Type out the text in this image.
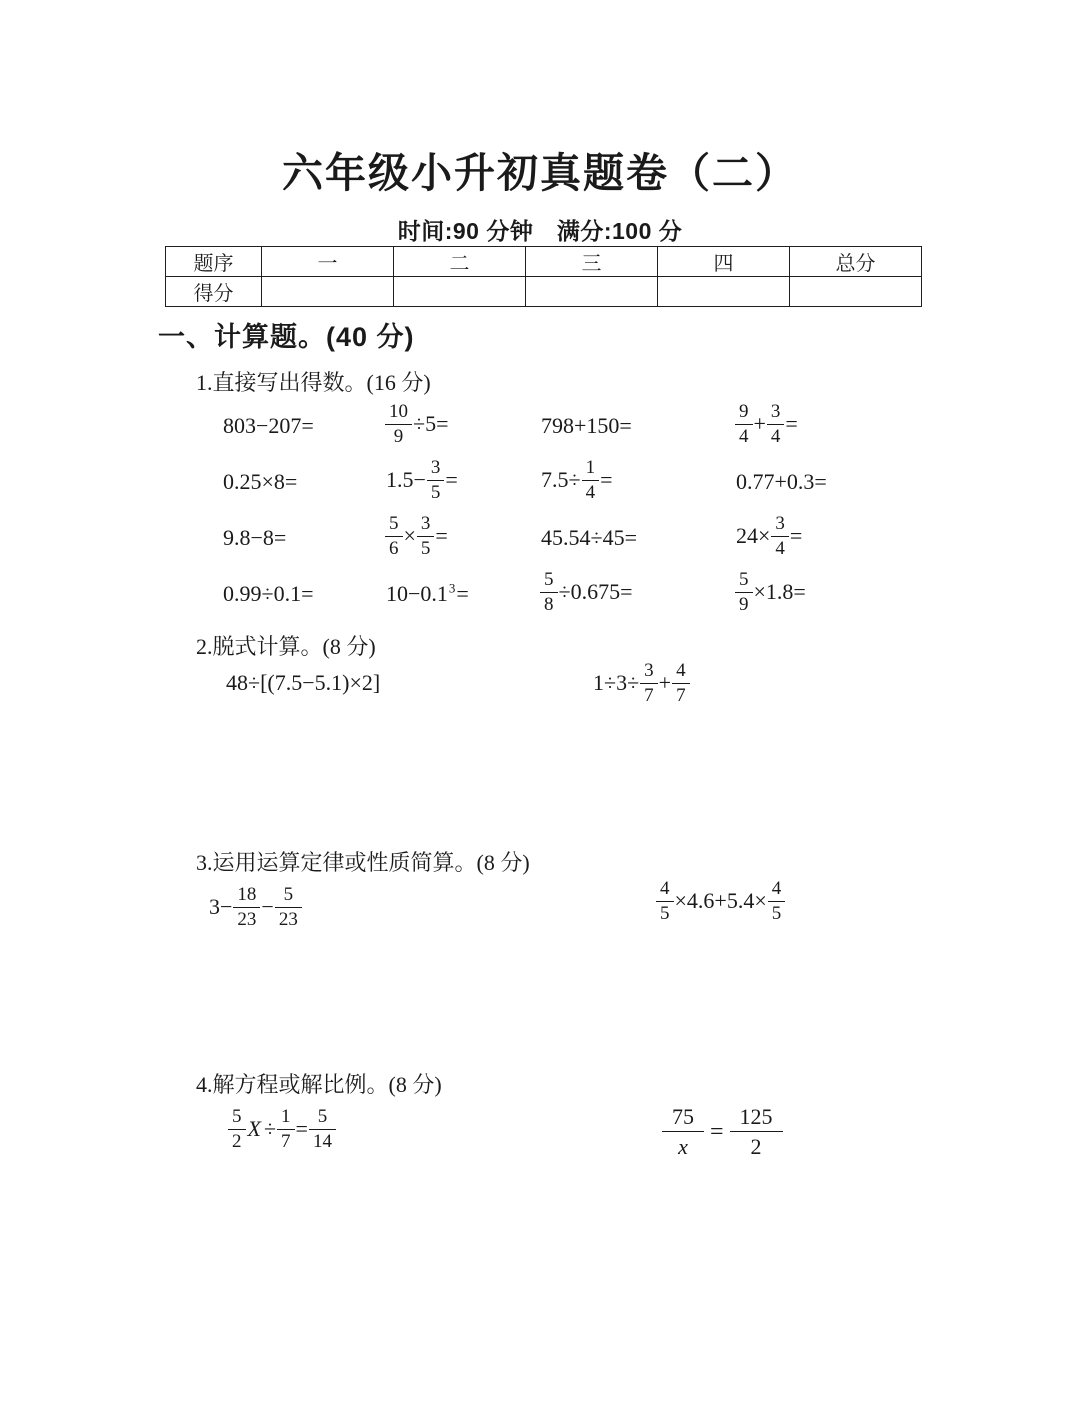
六年级小升初真题卷（二）
时间:90 分钟　满分:100 分
题序	一	二	三	四	总分
得分					
一、计算题。(40 分)
1.直接写出得数。(16 分)
803−207=	$\frac{10}{9} \div 5=$	798+150=	$\frac{9}{4} + \frac{3}{4}$ =
0.25×8=	$1.5- \frac{3}{5}$ =	$7.5\div \frac{1}{4}$ =	0.77+0.3=
9.8−8=	$\frac{5}{6} \times \frac{3}{5}$ =	45.54÷45=	$24\times \frac{3}{4}$ =
0.99÷0.1=	$10-0.1^3=$	$\frac{5}{8} \div 0.675=$	$\frac{5}{9} \times 1.8=$
2.脱式计算。(8 分)
48÷[(7.5−5.1)×2]	$1\div 3\div \frac{3}{7} + \frac{4}{7}$
3.运用运算定律或性质简算。(8 分)
$3- \frac{18}{23} - \frac{5}{23}$	$\frac{4}{5} \times 4.6+5.4\times \frac{4}{5}$
4.解方程或解比例。(8 分)
$\frac{5}{2}$ $X \div \frac{1}{7} = \frac{5}{14}$	$\frac{75}{x} = \frac{125}{2}$
